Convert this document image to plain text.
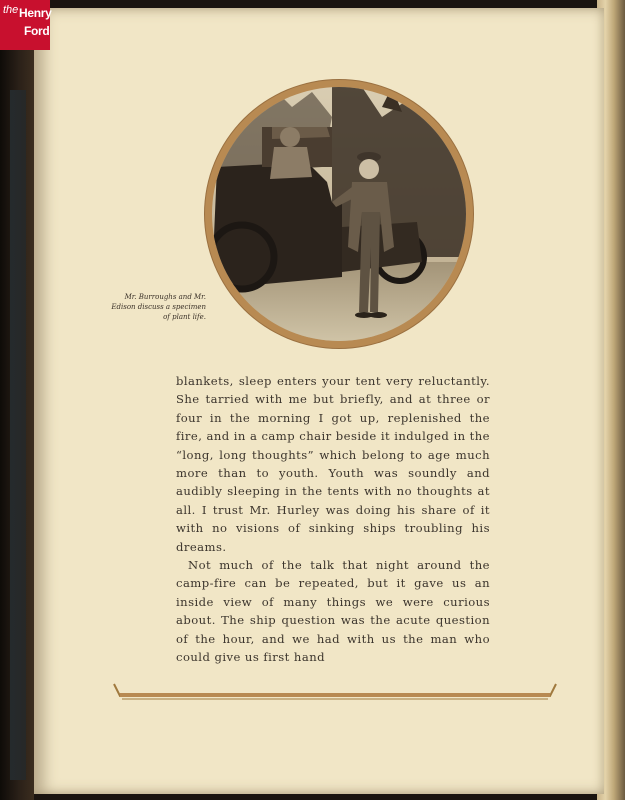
the Henry
Ford
Mr. Burroughs and Mr. Edison discuss a specimen of plant life.

blankets, sleep enters your tent very reluctantly. She tarried with me but briefly, and at three or four in the morning I got up, replenished the fire, and in a camp chair beside it indulged in the “long, long thoughts” which belong to age much more than to youth. Youth was soundly and audibly sleeping in the tents with no thoughts at all. I trust Mr. Hurley was doing his share of it with no visions of sinking ships troubling his dreams.

Not much of the talk that night around the camp-fire can be repeated, but it gave us an inside view of many things we were curious about. The ship question was the acute question of the hour, and we had with us the man who could give us first hand
